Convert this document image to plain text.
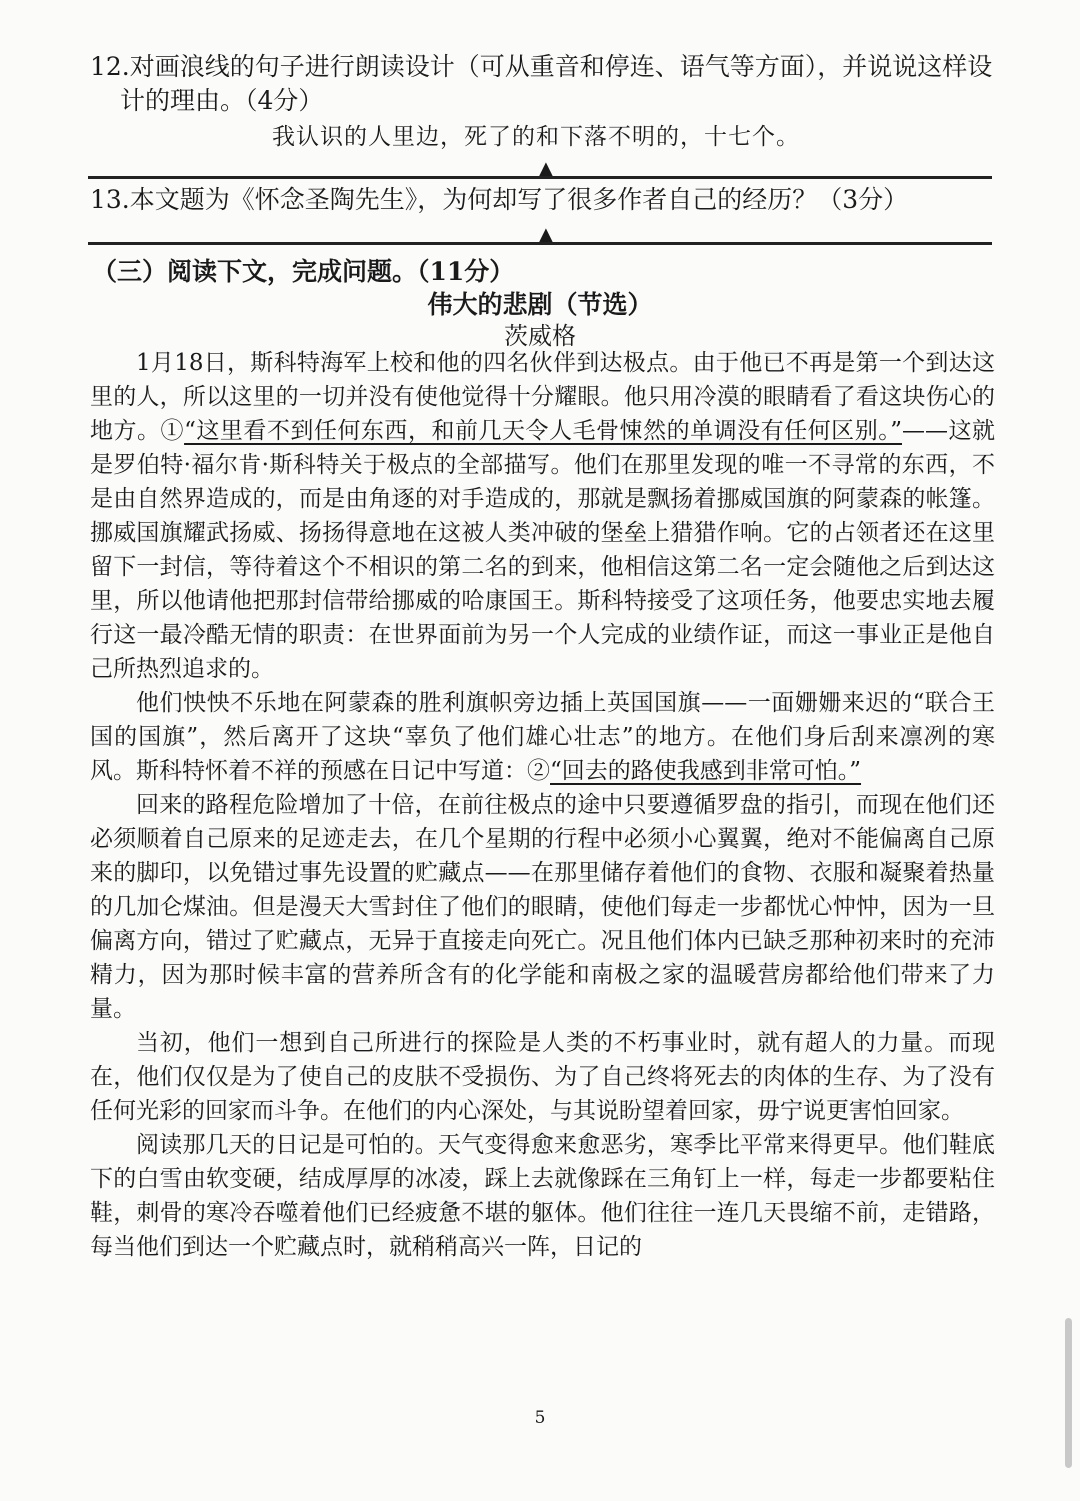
12.对画浪线的句子进行朗读设计（可从重音和停连、语气等方面），并说说这样设
计的理由。（4分）
我认识的人里边，死了的和下落不明的，十七个。
▲
13.本文题为《怀念圣陶先生》，为何却写了很多作者自己的经历？（3分）
▲
（三）阅读下文，完成问题。（11分）
伟大的悲剧（节选）
茨威格

1月18日，斯科特海军上校和他的四名伙伴到达极点。由于他已不再是第一个到达这里的人，所以这里的一切并没有使他觉得十分耀眼。他只用冷漠的眼睛看了看这块伤心的地方。①“这里看不到任何东西，和前几天令人毛骨悚然的单调没有任何区别。”——这就是罗伯特·福尔肯·斯科特关于极点的全部描写。他们在那里发现的唯一不寻常的东西，不是由自然界造成的，而是由角逐的对手造成的，那就是飘扬着挪威国旗的阿蒙森的帐篷。挪威国旗耀武扬威、扬扬得意地在这被人类冲破的堡垒上猎猎作响。它的占领者还在这里留下一封信，等待着这个不相识的第二名的到来，他相信这第二名一定会随他之后到达这里，所以他请他把那封信带给挪威的哈康国王。斯科特接受了这项任务，他要忠实地去履行这一最冷酷无情的职责：在世界面前为另一个人完成的业绩作证，而这一事业正是他自己所热烈追求的。

他们怏怏不乐地在阿蒙森的胜利旗帜旁边插上英国国旗——一面姗姗来迟的“联合王国的国旗”，然后离开了这块“辜负了他们雄心壮志”的地方。在他们身后刮来凛冽的寒风。斯科特怀着不祥的预感在日记中写道：②“回去的路使我感到非常可怕。”

回来的路程危险增加了十倍，在前往极点的途中只要遵循罗盘的指引，而现在他们还必须顺着自己原来的足迹走去，在几个星期的行程中必须小心翼翼，绝对不能偏离自己原来的脚印，以免错过事先设置的贮藏点——在那里储存着他们的食物、衣服和凝聚着热量的几加仑煤油。但是漫天大雪封住了他们的眼睛，使他们每走一步都忧心忡忡，因为一旦偏离方向，错过了贮藏点，无异于直接走向死亡。况且他们体内已缺乏那种初来时的充沛精力，因为那时候丰富的营养所含有的化学能和南极之家的温暖营房都给他们带来了力量。

当初，他们一想到自己所进行的探险是人类的不朽事业时，就有超人的力量。而现在，他们仅仅是为了使自己的皮肤不受损伤、为了自己终将死去的肉体的生存、为了没有任何光彩的回家而斗争。在他们的内心深处，与其说盼望着回家，毋宁说更害怕回家。

阅读那几天的日记是可怕的。天气变得愈来愈恶劣，寒季比平常来得更早。他们鞋底下的白雪由软变硬，结成厚厚的冰凌，踩上去就像踩在三角钉上一样，每走一步都要粘住鞋，刺骨的寒冷吞噬着他们已经疲惫不堪的躯体。他们往往一连几天畏缩不前，走错路，每当他们到达一个贮藏点时，就稍稍高兴一阵，日记的

5
